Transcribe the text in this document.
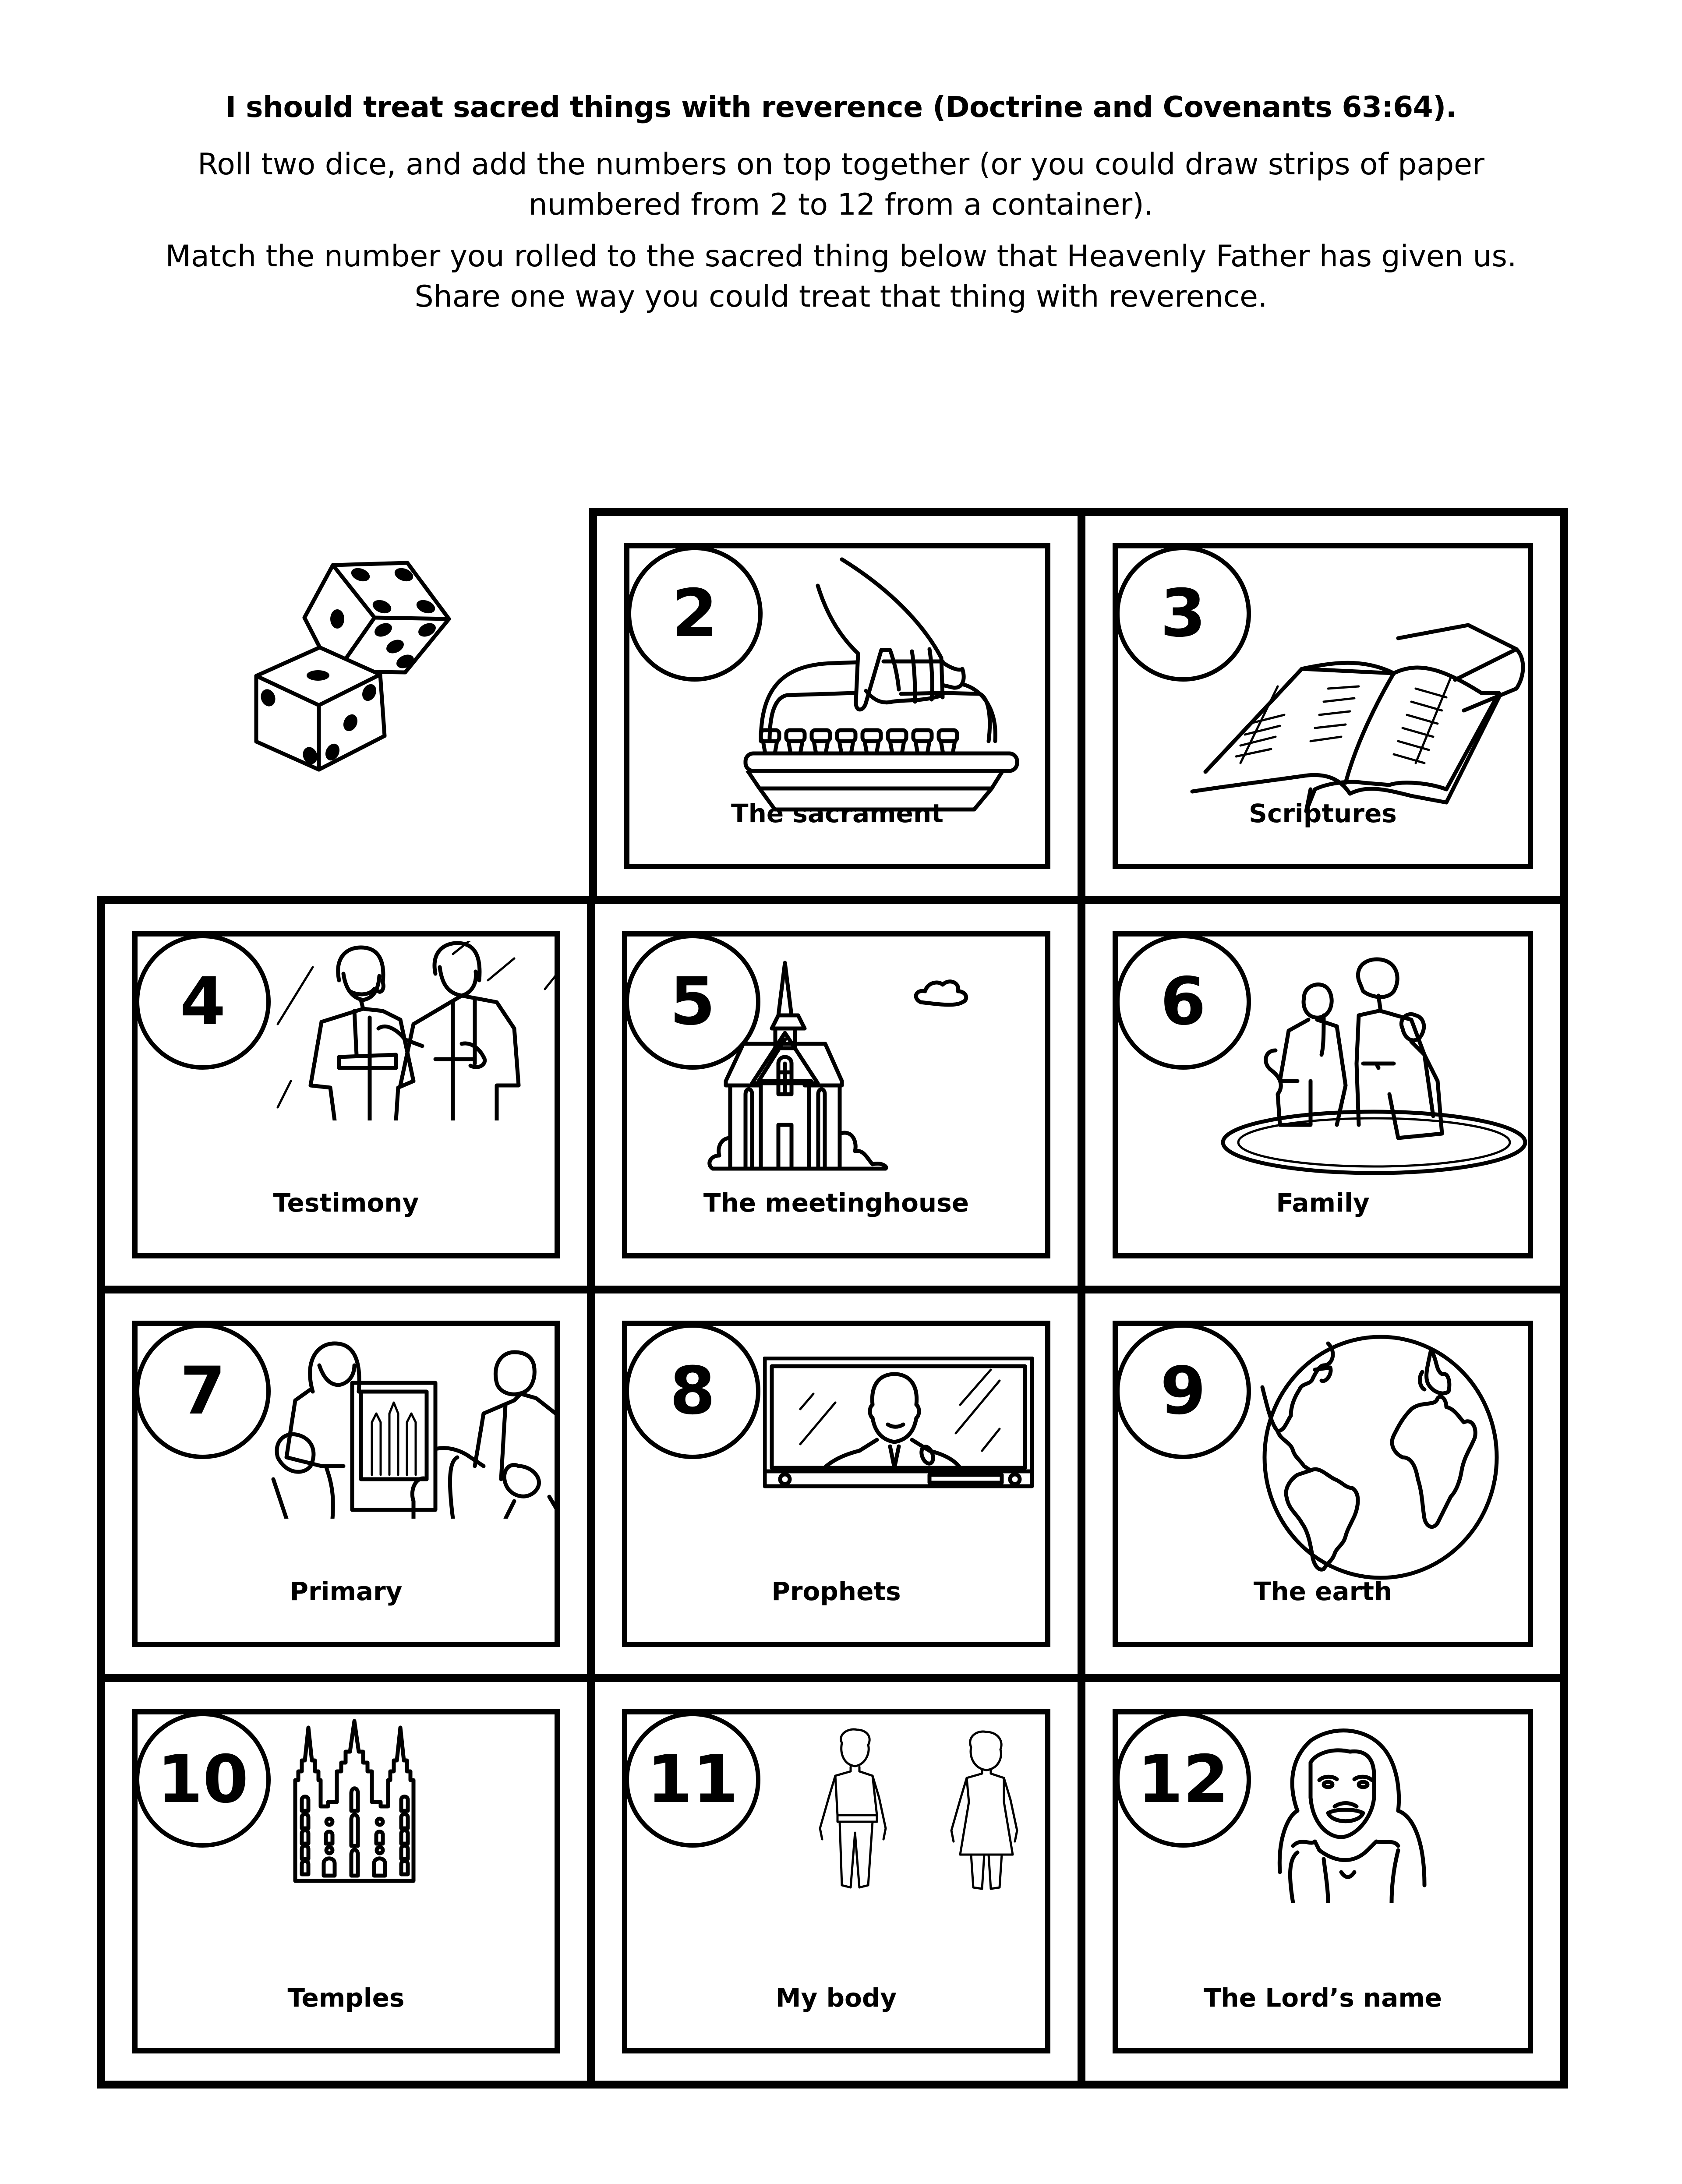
I should treat sacred things with reverence (Doctrine and Covenants 63:64).
Roll two dice, and add the numbers on top together (or you could draw strips of paper
numbered from 2 to 12 from a container).
Match the number you rolled to the sacred thing below that Heavenly Father has given us.
Share one way you could treat that thing with reverence.
2
The sacrament
3
Scriptures
4
Testimony
5
The meetinghouse
6
Family
7
Primary
8
Prophets
9
The earth
10
Temples
11
My body
12
The Lord’s name
